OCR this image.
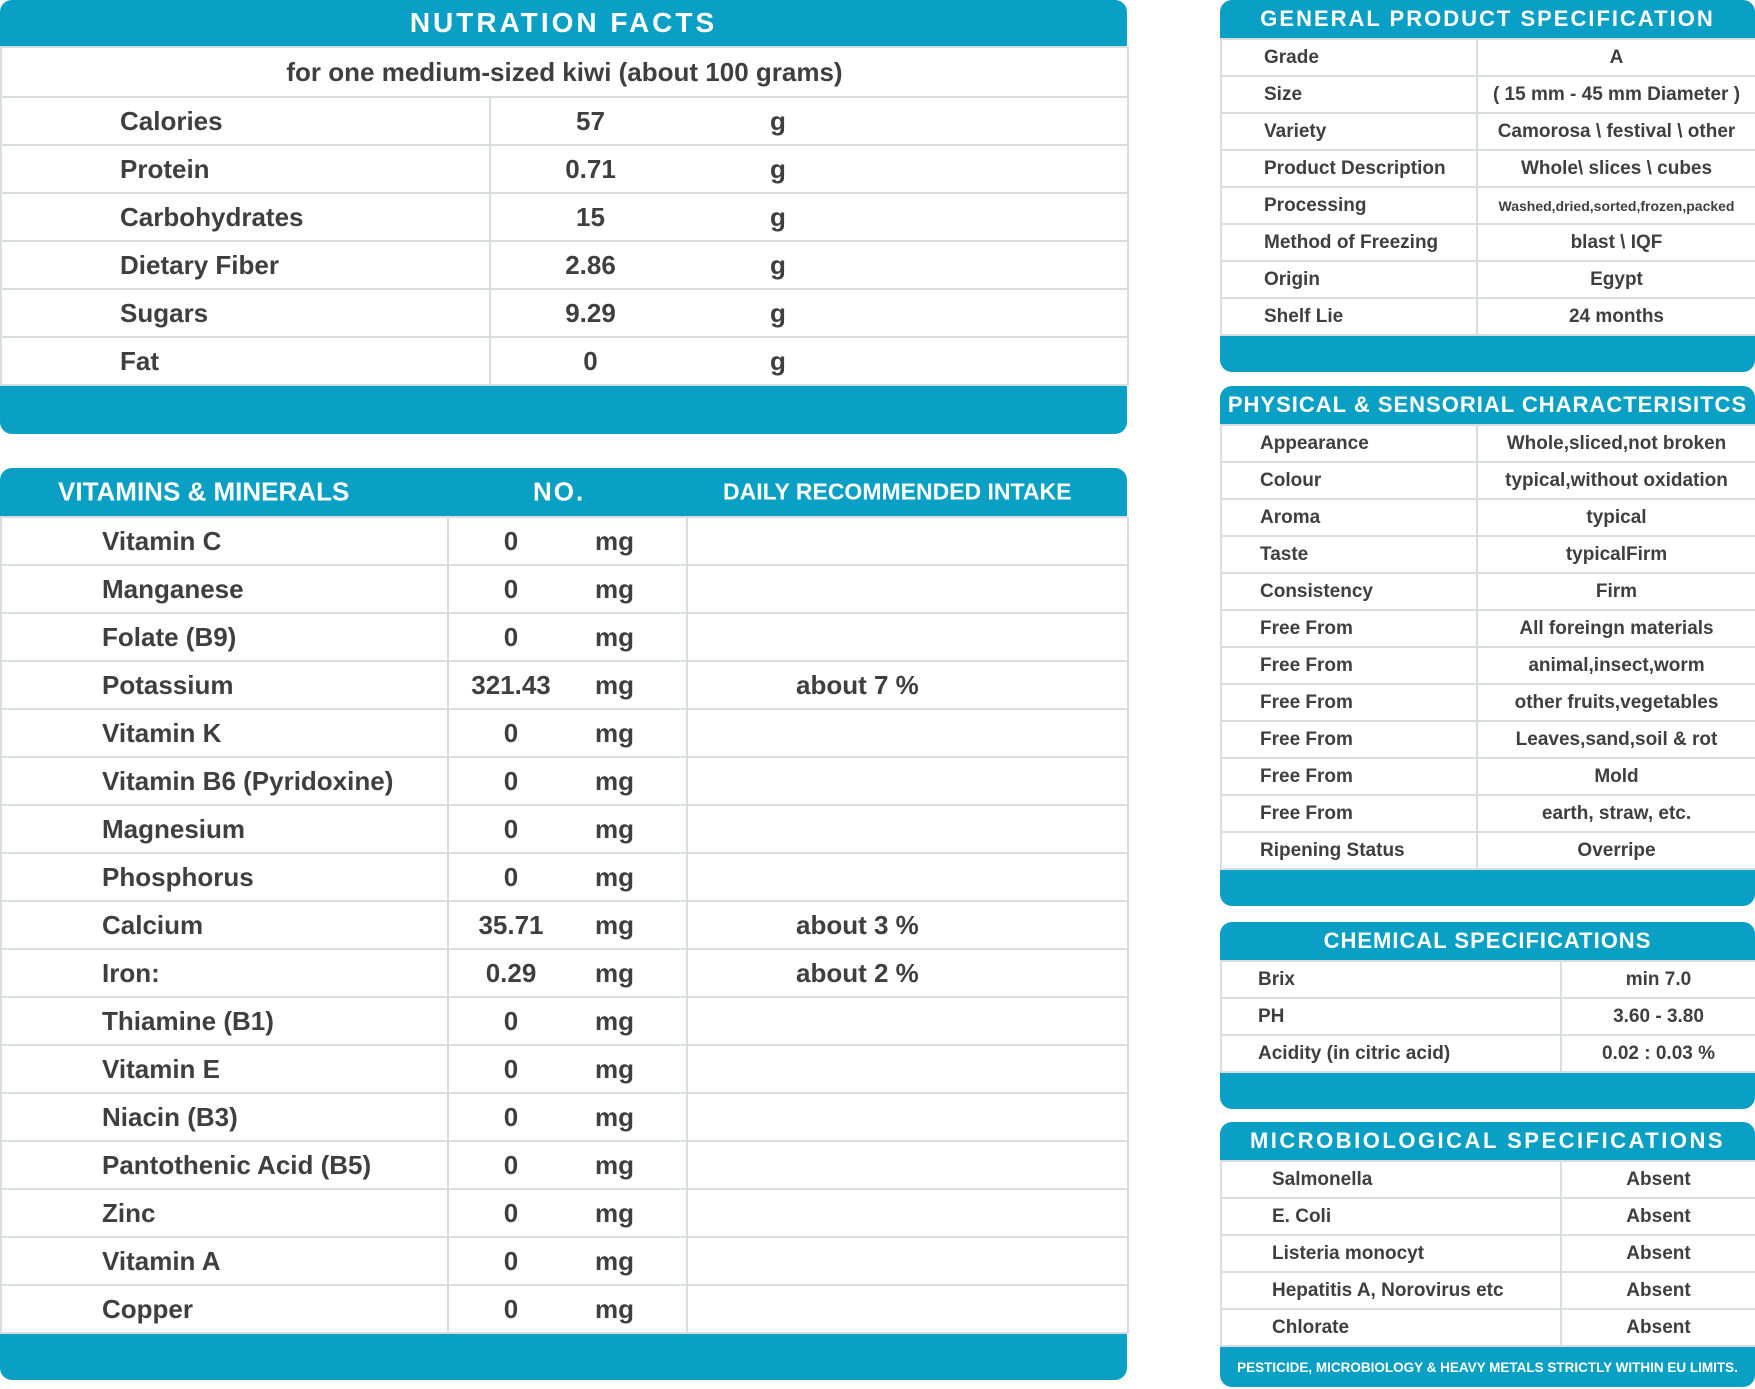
NUTRATION FACTS
for one medium-sized kiwi (about 100 grams)		
Calories	57	g
Protein	0.71	g
Carbohydrates	15	g
Dietary Fiber	2.86	g
Sugars	9.29	g
Fat	0	g
VITAMINS & MINERALS	NO.	DAILY RECOMMENDED INTAKE
Vitamin C	0	mg	
Manganese	0	mg	
Folate (B9)	0	mg	
Potassium	321.43	mg	about 7 %
Vitamin K	0	mg	
Vitamin B6 (Pyridoxine)	0	mg	
Magnesium	0	mg	
Phosphorus	0	mg	
Calcium	35.71	mg	about 3 %
Iron:	0.29	mg	about 2 %
Thiamine (B1)	0	mg	
Vitamin E	0	mg	
Niacin (B3)	0	mg	
Pantothenic Acid (B5)	0	mg	
Zinc	0	mg	
Vitamin A	0	mg	
Copper	0	mg	
GENERAL PRODUCT SPECIFICATION
Grade	A
Size	( 15 mm - 45 mm Diameter )
Variety	Camorosa \ festival \ other
Product Description	Whole\ slices \ cubes
Processing	Washed,dried,sorted,frozen,packed
Method of Freezing	blast \ IQF
Origin	Egypt
Shelf Lie	24 months
PHYSICAL & SENSORIAL CHARACTERISITCS
Appearance	Whole,sliced,not broken
Colour	typical,without oxidation
Aroma	typical
Taste	typicalFirm
Consistency	Firm
Free From	All foreingn materials
Free From	animal,insect,worm
Free From	other fruits,vegetables
Free From	Leaves,sand,soil & rot
Free From	Mold
Free From	earth, straw, etc.
Ripening Status	Overripe
CHEMICAL SPECIFICATIONS
Brix	min 7.0
PH	3.60 - 3.80
Acidity (in citric acid)	0.02 : 0.03 %
MICROBIOLOGICAL SPECIFICATIONS
Salmonella	Absent
E. Coli	Absent
Listeria monocyt	Absent
Hepatitis A, Norovirus etc	Absent
Chlorate	Absent
PESTICIDE, MICROBIOLOGY & HEAVY METALS STRICTLY WITHIN EU LIMITS.
